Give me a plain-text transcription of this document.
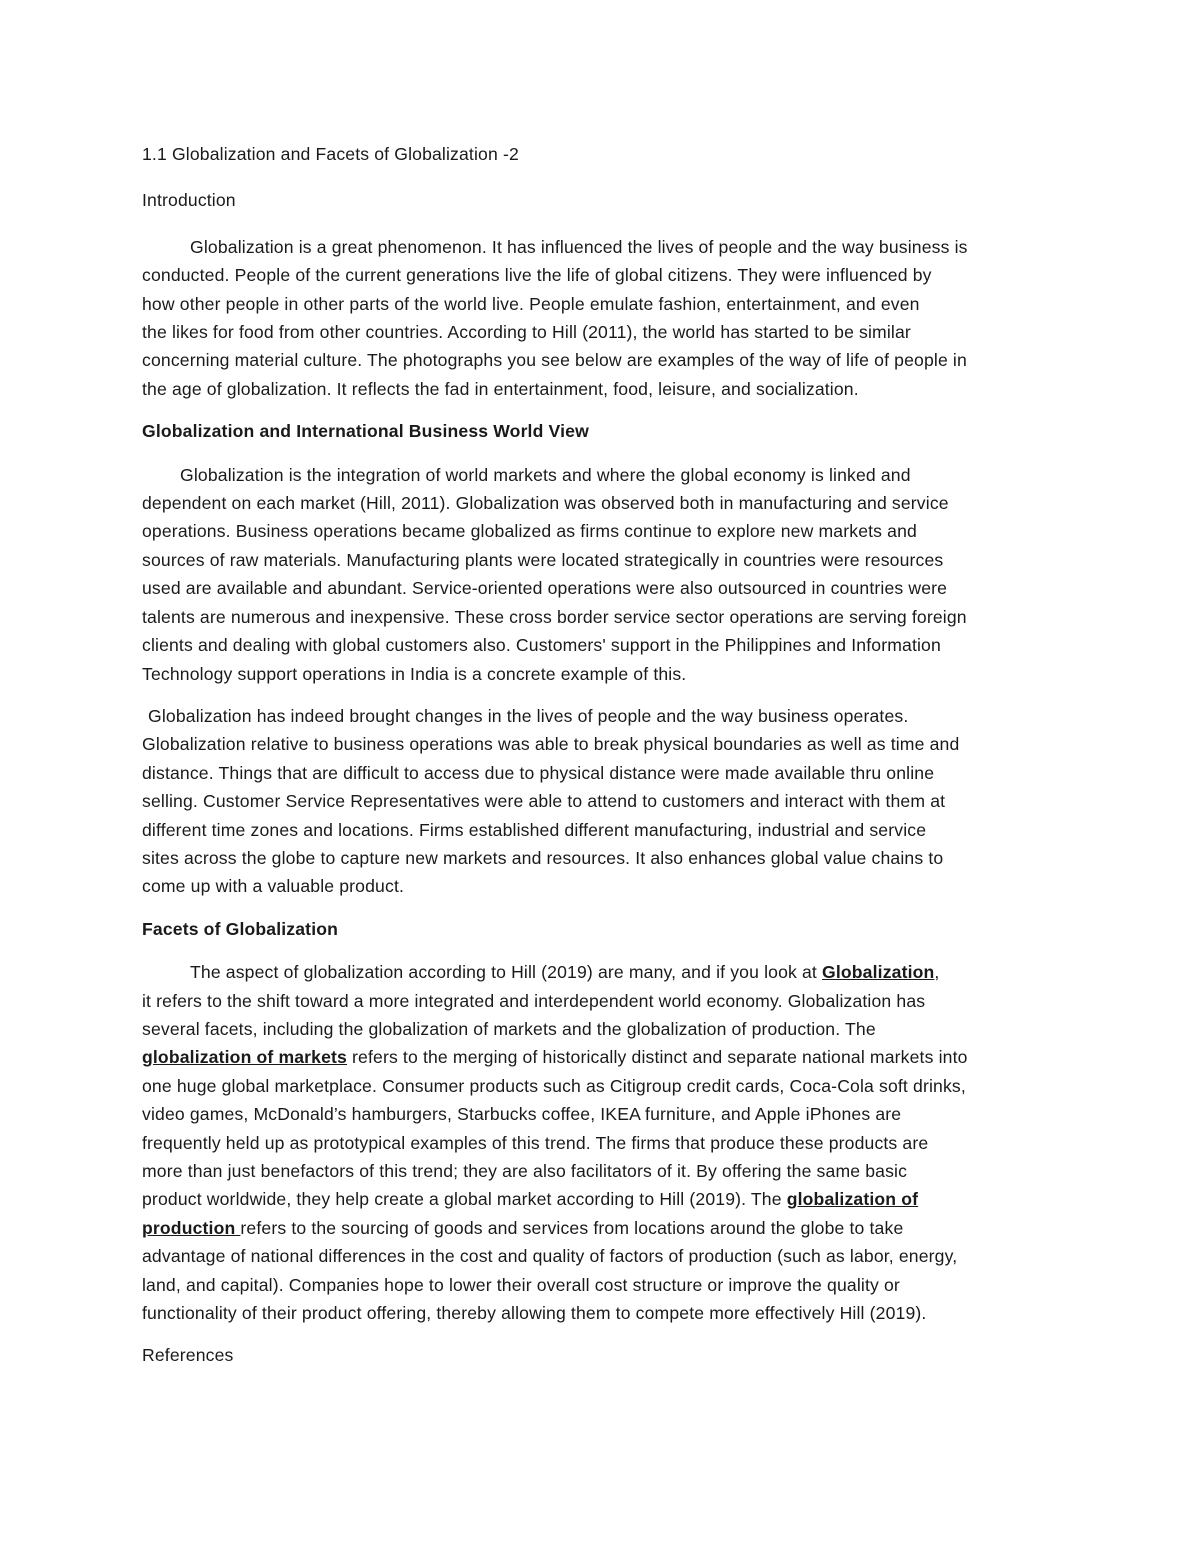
1.1 Globalization and Facets of Globalization -2
Introduction
Globalization is a great phenomenon. It has influenced the lives of people and the way business is
conducted. People of the current generations live the life of global citizens. They were influenced by
how other people in other parts of the world live. People emulate fashion, entertainment, and even
the likes for food from other countries. According to Hill (2011), the world has started to be similar
concerning material culture. The photographs you see below are examples of the way of life of people in
the age of globalization. It reflects the fad in entertainment, food, leisure, and socialization.
Globalization and International Business World View
Globalization is the integration of world markets and where the global economy is linked and
dependent on each market (Hill, 2011). Globalization was observed both in manufacturing and service
operations. Business operations became globalized as firms continue to explore new markets and
sources of raw materials. Manufacturing plants were located strategically in countries were resources
used are available and abundant. Service-oriented operations were also outsourced in countries were
talents are numerous and inexpensive. These cross border service sector operations are serving foreign
clients and dealing with global customers also. Customers' support in the Philippines and Information
Technology support operations in India is a concrete example of this.
Globalization has indeed brought changes in the lives of people and the way business operates.
Globalization relative to business operations was able to break physical boundaries as well as time and
distance. Things that are difficult to access due to physical distance were made available thru online
selling. Customer Service Representatives were able to attend to customers and interact with them at
different time zones and locations. Firms established different manufacturing, industrial and service
sites across the globe to capture new markets and resources. It also enhances global value chains to
come up with a valuable product.
Facets of Globalization
The aspect of globalization according to Hill (2019) are many, and if you look at Globalization,
it refers to the shift toward a more integrated and interdependent world economy. Globalization has
several facets, including the globalization of markets and the globalization of production. The
globalization of markets refers to the merging of historically distinct and separate national markets into
one huge global marketplace. Consumer products such as Citigroup credit cards, Coca-Cola soft drinks,
video games, McDonald’s hamburgers, Starbucks coffee, IKEA furniture, and Apple iPhones are
frequently held up as prototypical examples of this trend. The firms that produce these products are
more than just benefactors of this trend; they are also facilitators of it. By offering the same basic
product worldwide, they help create a global market according to Hill (2019). The globalization of
production refers to the sourcing of goods and services from locations around the globe to take
advantage of national differences in the cost and quality of factors of production (such as labor, energy,
land, and capital). Companies hope to lower their overall cost structure or improve the quality or
functionality of their product offering, thereby allowing them to compete more effectively Hill (2019).
References
